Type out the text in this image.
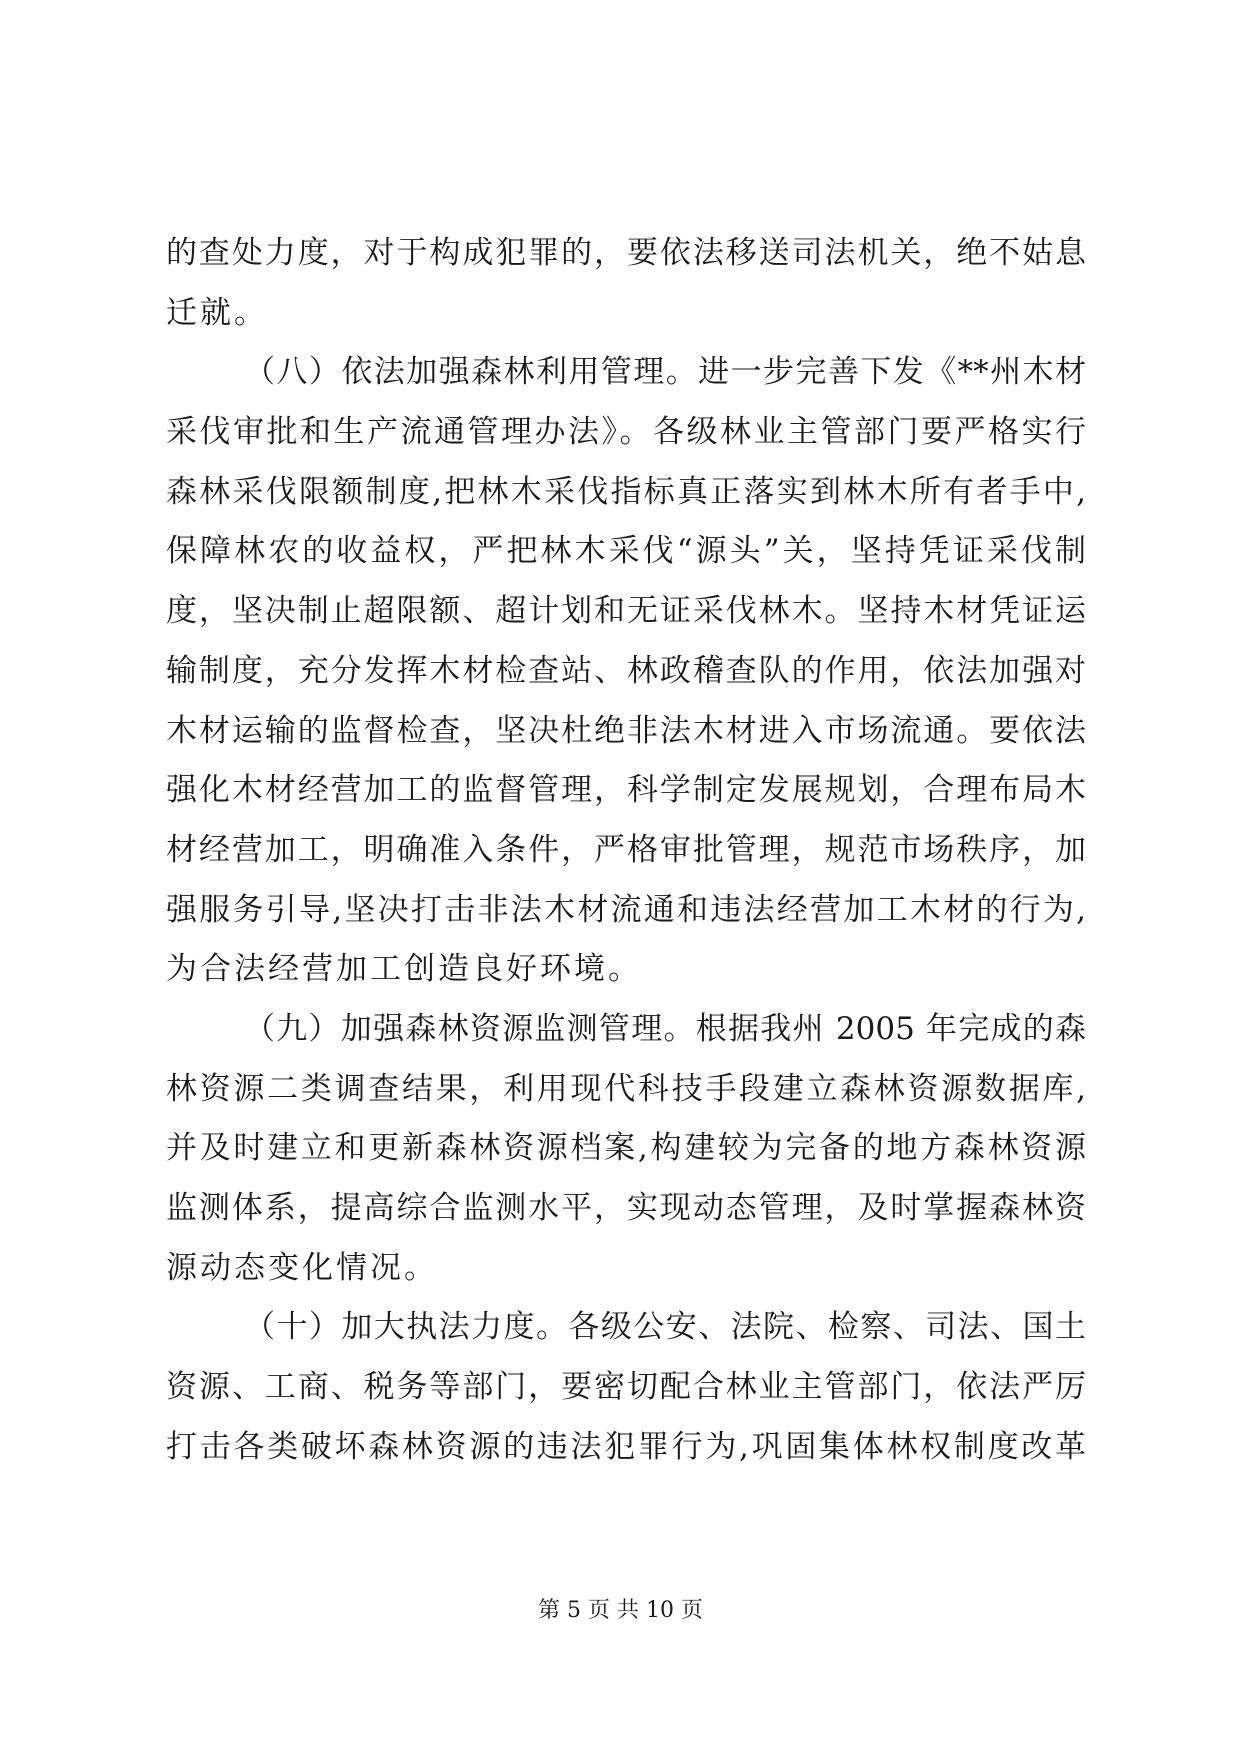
的查处力度，对于构成犯罪的，要依法移送司法机关，绝不姑息
迁就。
（八）依法加强森林利用管理。进一步完善下发《**州木材
采伐审批和生产流通管理办法》。各级林业主管部门要严格实行
森林采伐限额制度,把林木采伐指标真正落实到林木所有者手中,
保障林农的收益权，严把林木采伐“源头”关，坚持凭证采伐制
度，坚决制止超限额、超计划和无证采伐林木。坚持木材凭证运
输制度，充分发挥木材检查站、林政稽查队的作用，依法加强对
木材运输的监督检查，坚决杜绝非法木材进入市场流通。要依法
强化木材经营加工的监督管理，科学制定发展规划，合理布局木
材经营加工，明确准入条件，严格审批管理，规范市场秩序，加
强服务引导,坚决打击非法木材流通和违法经营加工木材的行为,
为合法经营加工创造良好环境。
（九）加强森林资源监测管理。根据我州 2005 年完成的森
林资源二类调查结果，利用现代科技手段建立森林资源数据库,
并及时建立和更新森林资源档案,构建较为完备的地方森林资源
监测体系，提高综合监测水平，实现动态管理，及时掌握森林资
源动态变化情况。
（十）加大执法力度。各级公安、法院、检察、司法、国土
资源、工商、税务等部门，要密切配合林业主管部门，依法严厉
打击各类破坏森林资源的违法犯罪行为,巩固集体林权制度改革
第 5 页 共 10 页
